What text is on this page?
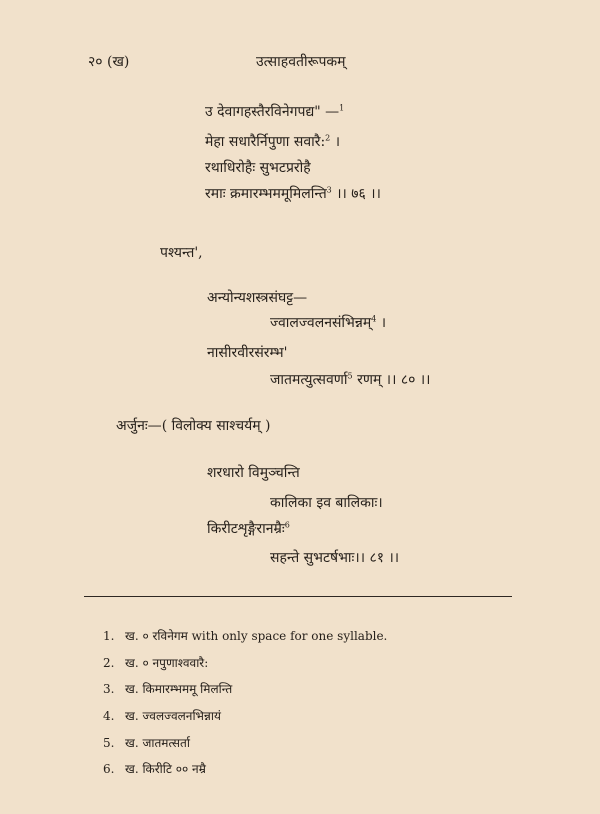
२० (ख)	उत्साहवतीरूपकम्
उ देवागहस्तैरविनेगपद्य" —$^1$
मेहा सधारैर्निपुणा सवारै:$^2$ ।
रथाधिरोहैः सुभटप्ररोहै
रमाः क्रमारम्भममूमिलन्ति$^3$ ।। ७६ ।।
पश्यन्त',
अन्योन्यशस्त्रसंघट्ट—
ज्वालज्वलनसंभिन्नम्$^4$ ।
नासीरवीरसंरम्भ'
जातमत्युत्सवर्णा$^5$ रणम् ।। ८० ।।
अर्जुनः—( विलोक्य साश्चर्यम् )
शरधारो विमुञ्चन्ति
कालिका इव बालिकाः।
किरीटशृङ्गैरानम्रैः$^6$
सहन्ते सुभटर्षभाः।। ८१ ।।
1. ख. ० रविनेगम with only space for one syllable.
2. ख. ० नपुणाश्ववारै:
3. ख. किमारम्भममू मिलन्ति
4. ख. ज्वलज्वलनभिन्नायं
5. ख. जातमत्सर्ता
6. ख. किरीटि ०० नम्रै
